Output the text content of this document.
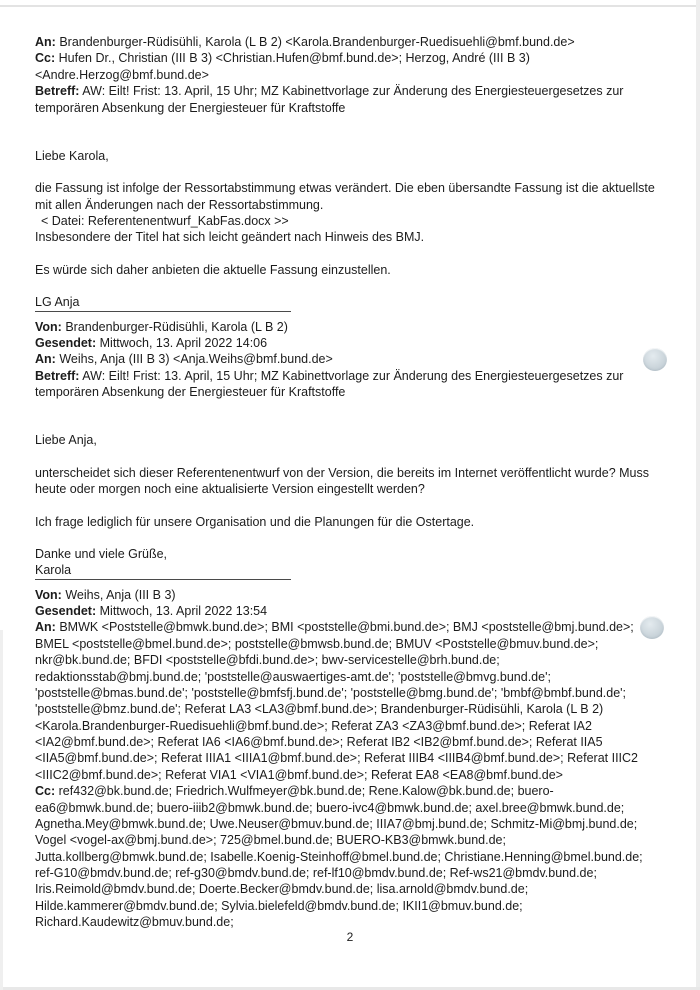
An: Brandenburger-Rüdisühli, Karola (L B 2) <Karola.Brandenburger-Ruedisuehli@bmf.bund.de>

Cc: Hufen Dr., Christian (III B 3) <Christian.Hufen@bmf.bund.de>; Herzog, André (III B 3) <Andre.Herzog@bmf.bund.de>

Betreff: AW: Eilt! Frist: 13. April, 15 Uhr; MZ Kabinettvorlage zur Änderung des Energiesteuergesetzes zur temporären Absenkung der Energiesteuer für Kraftstoffe

Liebe Karola,

die Fassung ist infolge der Ressortabstimmung etwas verändert. Die eben übersandte Fassung ist die aktuellste mit allen Änderungen nach der Ressortabstimmung.

< Datei: Referentenentwurf_KabFas.docx >>

Insbesondere der Titel hat sich leicht geändert nach Hinweis des BMJ.

Es würde sich daher anbieten die aktuelle Fassung einzustellen.

LG Anja

Von: Brandenburger-Rüdisühli, Karola (L B 2)

Gesendet: Mittwoch, 13. April 2022 14:06

An: Weihs, Anja (III B 3) <Anja.Weihs@bmf.bund.de>

Betreff: AW: Eilt! Frist: 13. April, 15 Uhr; MZ Kabinettvorlage zur Änderung des Energiesteuergesetzes zur temporären Absenkung der Energiesteuer für Kraftstoffe

Liebe Anja,

unterscheidet sich dieser Referentenentwurf von der Version, die bereits im Internet veröffentlicht wurde? Muss heute oder morgen noch eine aktualisierte Version eingestellt werden?

Ich frage lediglich für unsere Organisation und die Planungen für die Ostertage.

Danke und viele Grüße,

Karola

Von: Weihs, Anja (III B 3)

Gesendet: Mittwoch, 13. April 2022 13:54

An: BMWK <Poststelle@bmwk.bund.de>; BMI <poststelle@bmi.bund.de>; BMJ <poststelle@bmj.bund.de>; BMEL <poststelle@bmel.bund.de>; poststelle@bmwsb.bund.de; BMUV <Poststelle@bmuv.bund.de>; nkr@bk.bund.de; BFDI <poststelle@bfdi.bund.de>; bwv-servicestelle@brh.bund.de; redaktionsstab@bmj.bund.de; 'poststelle@auswaertiges-amt.de'; 'poststelle@bmvg.bund.de'; 'poststelle@bmas.bund.de'; 'poststelle@bmfsfj.bund.de'; 'poststelle@bmg.bund.de'; 'bmbf@bmbf.bund.de'; 'poststelle@bmz.bund.de'; Referat LA3 <LA3@bmf.bund.de>; Brandenburger-Rüdisühli, Karola (L B 2) <Karola.Brandenburger-Ruedisuehli@bmf.bund.de>; Referat ZA3 <ZA3@bmf.bund.de>; Referat IA2 <IA2@bmf.bund.de>; Referat IA6 <IA6@bmf.bund.de>; Referat IB2 <IB2@bmf.bund.de>; Referat IIA5 <IIA5@bmf.bund.de>; Referat IIIA1 <IIIA1@bmf.bund.de>; Referat IIIB4 <IIIB4@bmf.bund.de>; Referat IIIC2 <IIIC2@bmf.bund.de>; Referat VIA1 <VIA1@bmf.bund.de>; Referat EA8 <EA8@bmf.bund.de>

Cc: ref432@bk.bund.de; Friedrich.Wulfmeyer@bk.bund.de; Rene.Kalow@bk.bund.de; buero-ea6@bmwk.bund.de; buero-iiib2@bmwk.bund.de; buero-ivc4@bmwk.bund.de; axel.bree@bmwk.bund.de; Agnetha.Mey@bmwk.bund.de; Uwe.Neuser@bmuv.bund.de; IIIA7@bmj.bund.de; Schmitz-Mi@bmj.bund.de; Vogel <vogel-ax@bmj.bund.de>; 725@bmel.bund.de; BUERO-KB3@bmwk.bund.de; Jutta.kollberg@bmwk.bund.de; Isabelle.Koenig-Steinhoff@bmel.bund.de; Christiane.Henning@bmel.bund.de; ref-G10@bmdv.bund.de; ref-g30@bmdv.bund.de; ref-lf10@bmdv.bund.de; Ref-ws21@bmdv.bund.de; Iris.Reimold@bmdv.bund.de; Doerte.Becker@bmdv.bund.de; lisa.arnold@bmdv.bund.de; Hilde.kammerer@bmdv.bund.de; Sylvia.bielefeld@bmdv.bund.de; IKII1@bmuv.bund.de; Richard.Kaudewitz@bmuv.bund.de;

2
